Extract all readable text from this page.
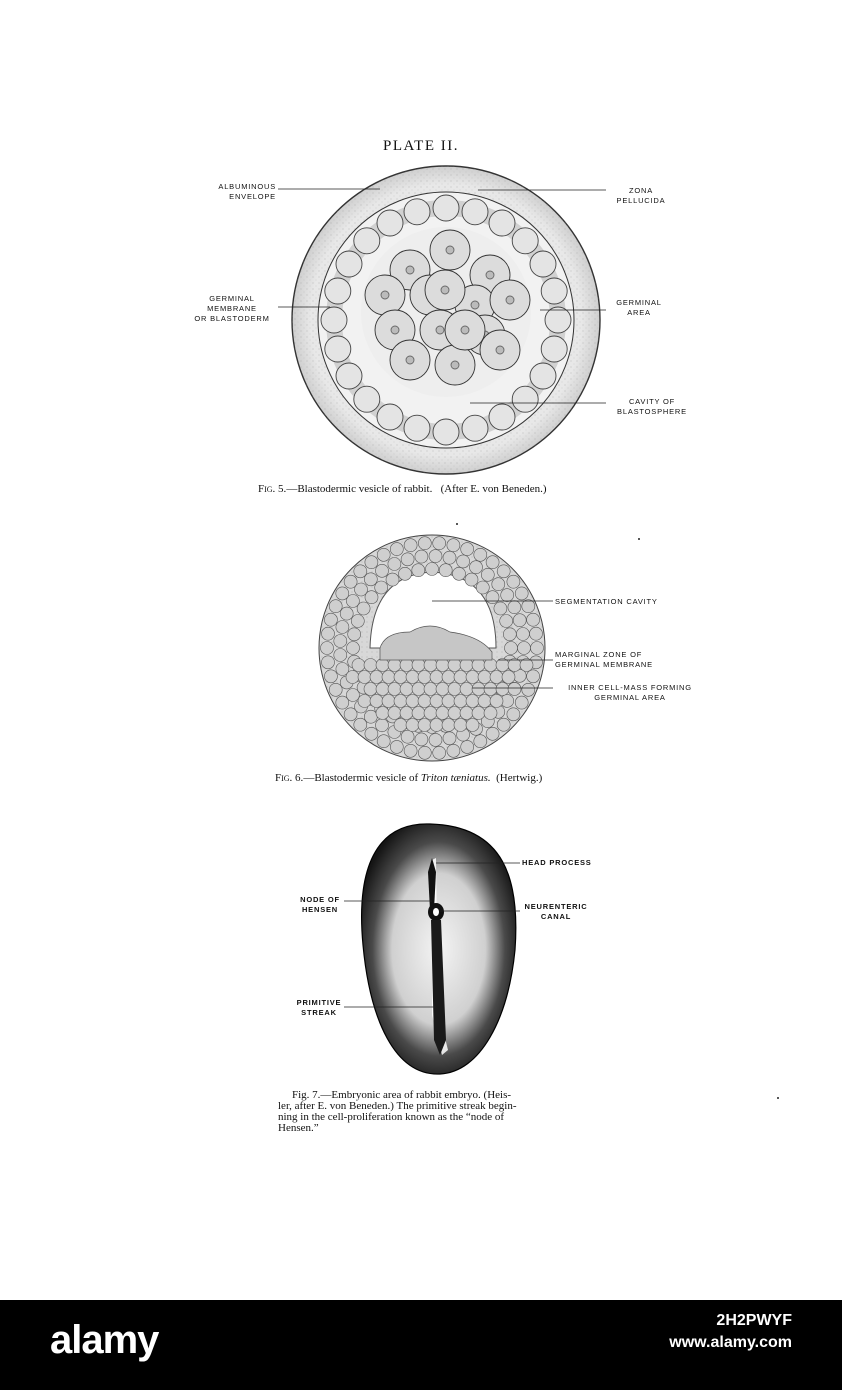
PLATE II.
ALBUMINOUS
ENVELOPE
ZONA
PELLUCIDA
GERMINAL
MEMBRANE
OR BLASTODERM
GERMINAL
AREA
CAVITY OF
BLASTOSPHERE
Fig. 5.—Blastodermic vesicle of rabbit. (After E. von Beneden.)
SEGMENTATION CAVITY
MARGINAL ZONE OF
GERMINAL MEMBRANE
INNER CELL-MASS FORMING
GERMINAL AREA
Fig. 6.—Blastodermic vesicle of Triton tæniatus. (Hertwig.)
HEAD PROCESS
NODE OF
HENSEN	NEURENTERIC
CANAL
PRIMITIVE
STREAK
Fig. 7.—Embryonic area of rabbit embryo. (Heis-
ler, after E. von Beneden.) The primitive streak begin-
ning in the cell-proliferation known as the “node of
Hensen.”
alamy	2H2PWYF
www.alamy.com
